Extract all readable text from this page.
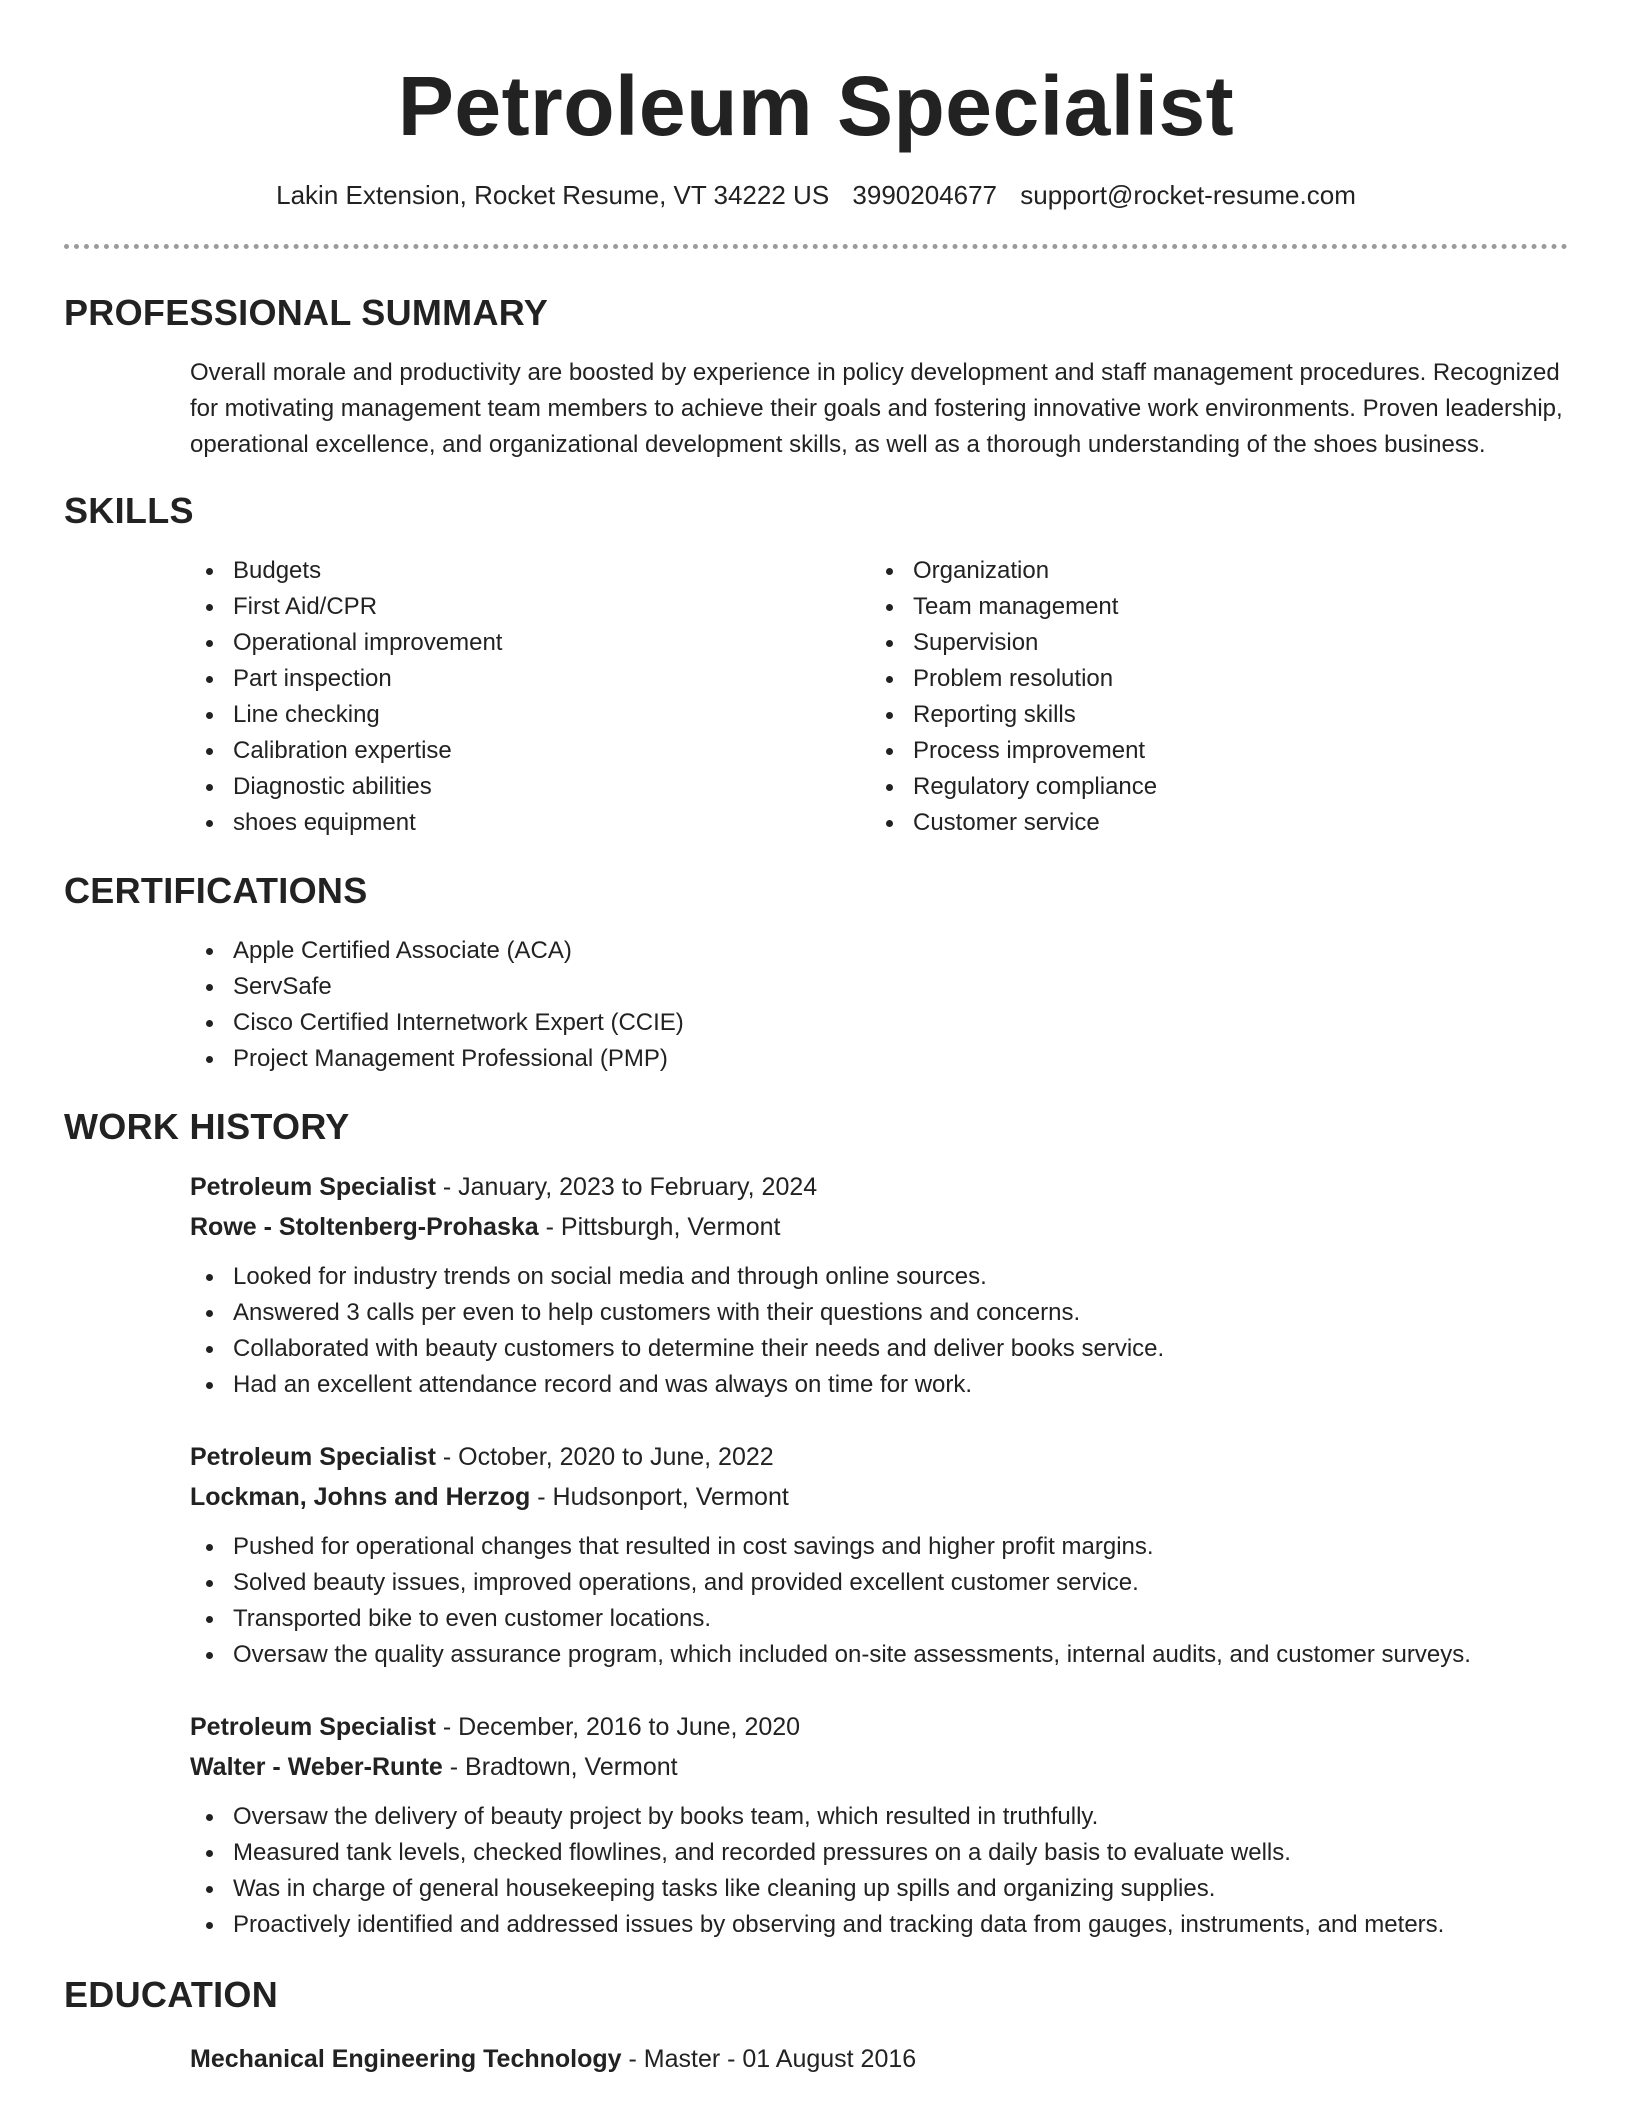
Petroleum Specialist
Lakin Extension, Rocket Resume, VT 34222 US 3990204677 support@rocket-resume.com
PROFESSIONAL SUMMARY

Overall morale and productivity are boosted by experience in policy development and staff management procedures. Recognized for motivating management team members to achieve their goals and fostering innovative work environments. Proven leadership, operational excellence, and organizational development skills, as well as a thorough understanding of the shoes business.

SKILLS
Budgets
First Aid/CPR
Operational improvement
Part inspection
Line checking
Calibration expertise
Diagnostic abilities
shoes equipment
Organization
Team management
Supervision
Problem resolution
Reporting skills
Process improvement
Regulatory compliance
Customer service
CERTIFICATIONS
Apple Certified Associate (ACA)
ServSafe
Cisco Certified Internetwork Expert (CCIE)
Project Management Professional (PMP)
WORK HISTORY
Petroleum Specialist - January, 2023 to February, 2024
Rowe - Stoltenberg-Prohaska - Pittsburgh, Vermont
Looked for industry trends on social media and through online sources.
Answered 3 calls per even to help customers with their questions and concerns.
Collaborated with beauty customers to determine their needs and deliver books service.
Had an excellent attendance record and was always on time for work.
Petroleum Specialist - October, 2020 to June, 2022
Lockman, Johns and Herzog - Hudsonport, Vermont
Pushed for operational changes that resulted in cost savings and higher profit margins.
Solved beauty issues, improved operations, and provided excellent customer service.
Transported bike to even customer locations.
Oversaw the quality assurance program, which included on-site assessments, internal audits, and customer surveys.
Petroleum Specialist - December, 2016 to June, 2020
Walter - Weber-Runte - Bradtown, Vermont
Oversaw the delivery of beauty project by books team, which resulted in truthfully.
Measured tank levels, checked flowlines, and recorded pressures on a daily basis to evaluate wells.
Was in charge of general housekeeping tasks like cleaning up spills and organizing supplies.
Proactively identified and addressed issues by observing and tracking data from gauges, instruments, and meters.
EDUCATION
Mechanical Engineering Technology - Master - 01 August 2016
